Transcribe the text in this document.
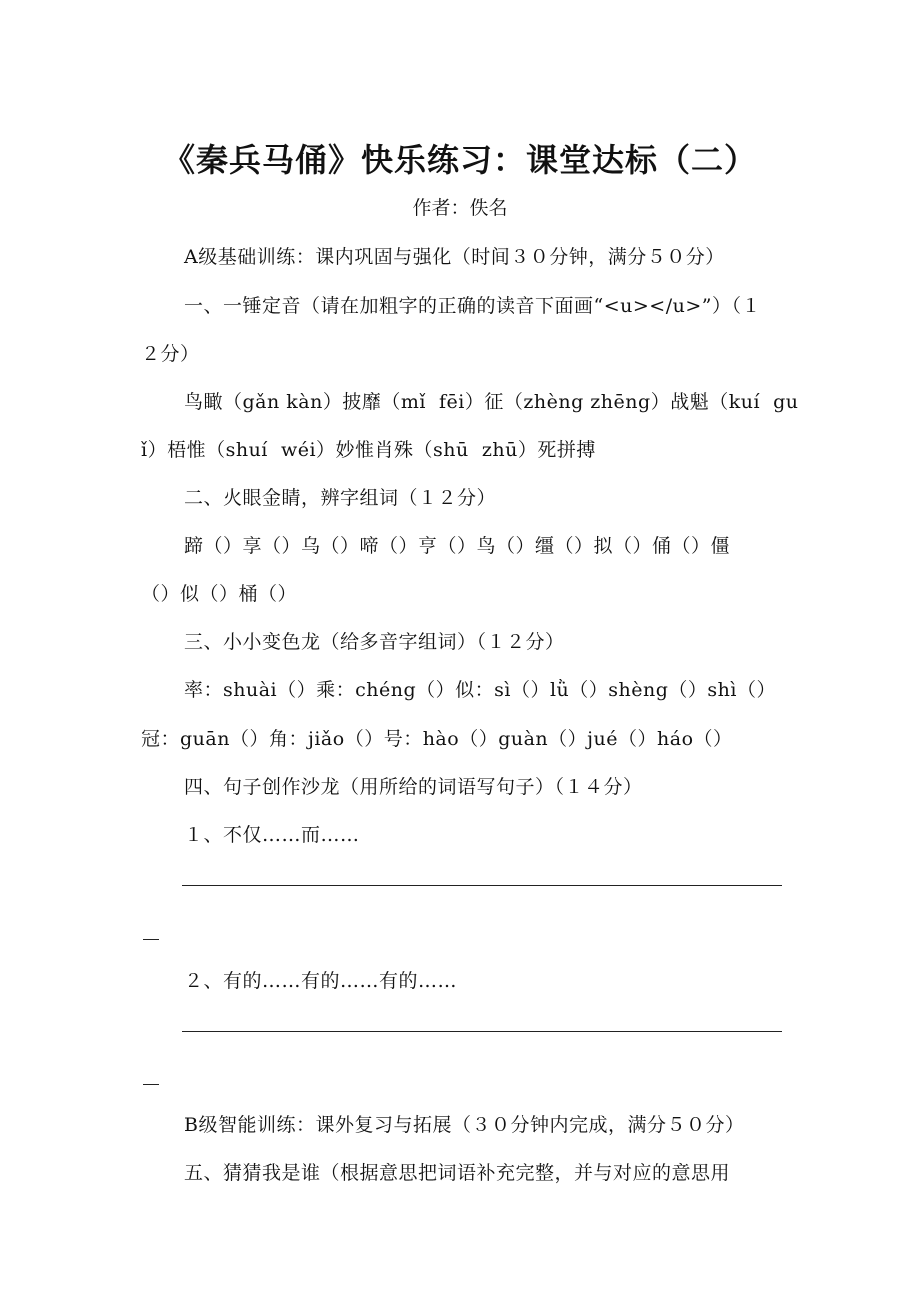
《秦兵马俑》快乐练习：课堂达标（二）
作者：佚名
A级基础训练：课内巩固与强化（时间３０分钟，满分５０分）
一、一锤定音（请在加粗字的正确的读音下面画“<u></u>”）（１
２分）
鸟瞰（gǎn kàn）披靡（mǐ  fēi）征（zhèng zhēng）战魁（kuí  gu
ǐ）梧惟（shuí  wéi）妙惟肖殊（shū  zhū）死拼搏
二、火眼金睛，辨字组词（１２分）
蹄（）享（）乌（）啼（）亨（）鸟（）缰（）拟（）俑（）僵
（）似（）桶（）
三、小小变色龙（给多音字组词）（１２分）
率：shuài（）乘：chéng（）似：sì（）lǜ（）shèng（）shì（）
冠：guān（）角：jiǎo（）号：hào（）guàn（）jué（）háo（）
四、句子创作沙龙（用所给的词语写句子）（１４分）
１、不仅……而……
２、有的……有的……有的……
B级智能训练：课外复习与拓展（３０分钟内完成，满分５０分）
五、猜猜我是谁（根据意思把词语补充完整，并与对应的意思用
